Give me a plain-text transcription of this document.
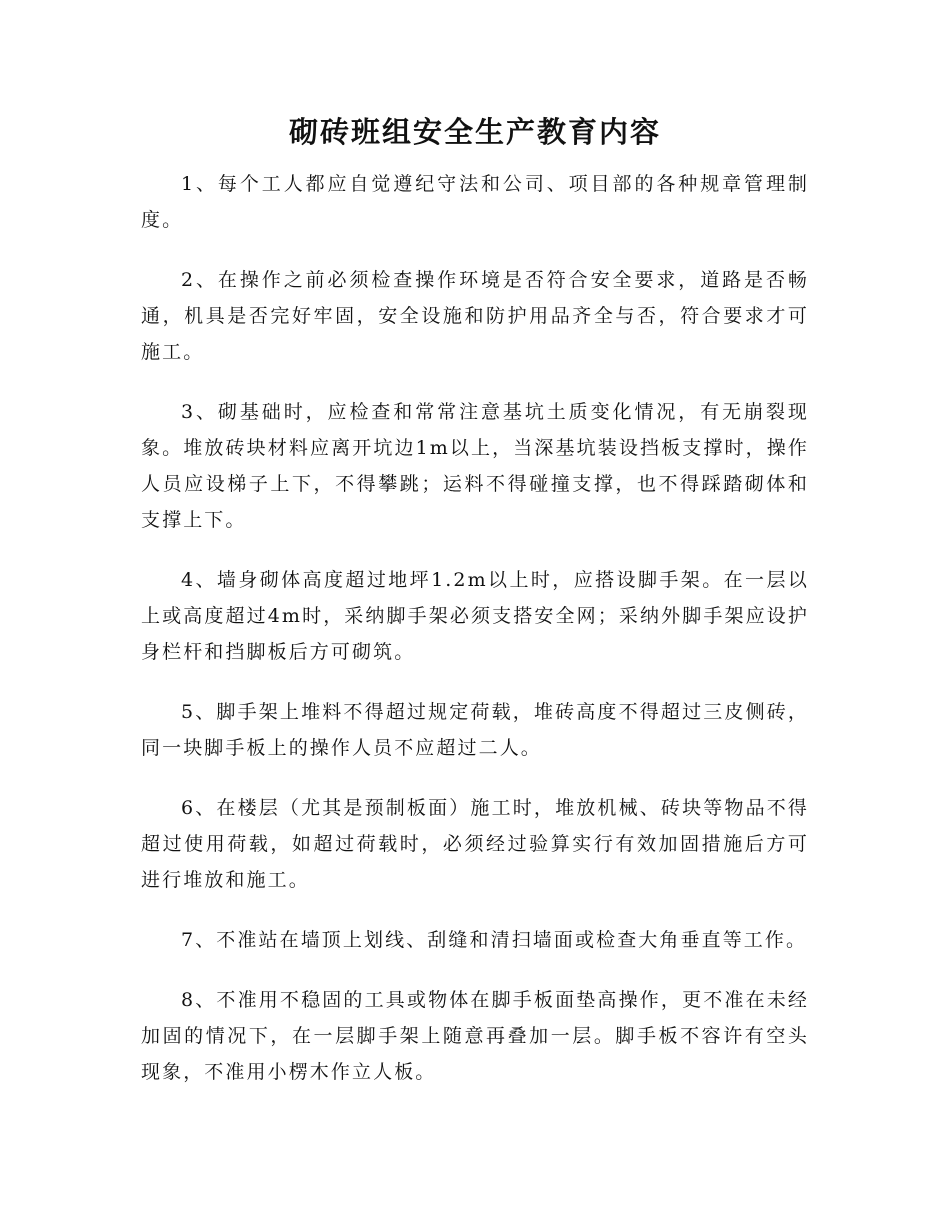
砌砖班组安全生产教育内容

1、每个工人都应自觉遵纪守法和公司、项目部的各种规章管理制度。

2、在操作之前必须检查操作环境是否符合安全要求，道路是否畅通，机具是否完好牢固，安全设施和防护用品齐全与否，符合要求才可施工。

3、砌基础时，应检查和常常注意基坑土质变化情况，有无崩裂现象。堆放砖块材料应离开坑边1m以上，当深基坑装设挡板支撑时，操作人员应设梯子上下，不得攀跳；运料不得碰撞支撑，也不得踩踏砌体和支撑上下。

4、墙身砌体高度超过地坪1.2m以上时，应搭设脚手架。在一层以上或高度超过4m时，采纳脚手架必须支搭安全网；采纳外脚手架应设护身栏杆和挡脚板后方可砌筑。

5、脚手架上堆料不得超过规定荷载，堆砖高度不得超过三皮侧砖，同一块脚手板上的操作人员不应超过二人。

6、在楼层（尤其是预制板面）施工时，堆放机械、砖块等物品不得超过使用荷载，如超过荷载时，必须经过验算实行有效加固措施后方可进行堆放和施工。

7、不准站在墙顶上划线、刮缝和清扫墙面或检查大角垂直等工作。

8、不准用不稳固的工具或物体在脚手板面垫高操作，更不准在未经加固的情况下，在一层脚手架上随意再叠加一层。脚手板不容许有空头现象，不准用小楞木作立人板。
